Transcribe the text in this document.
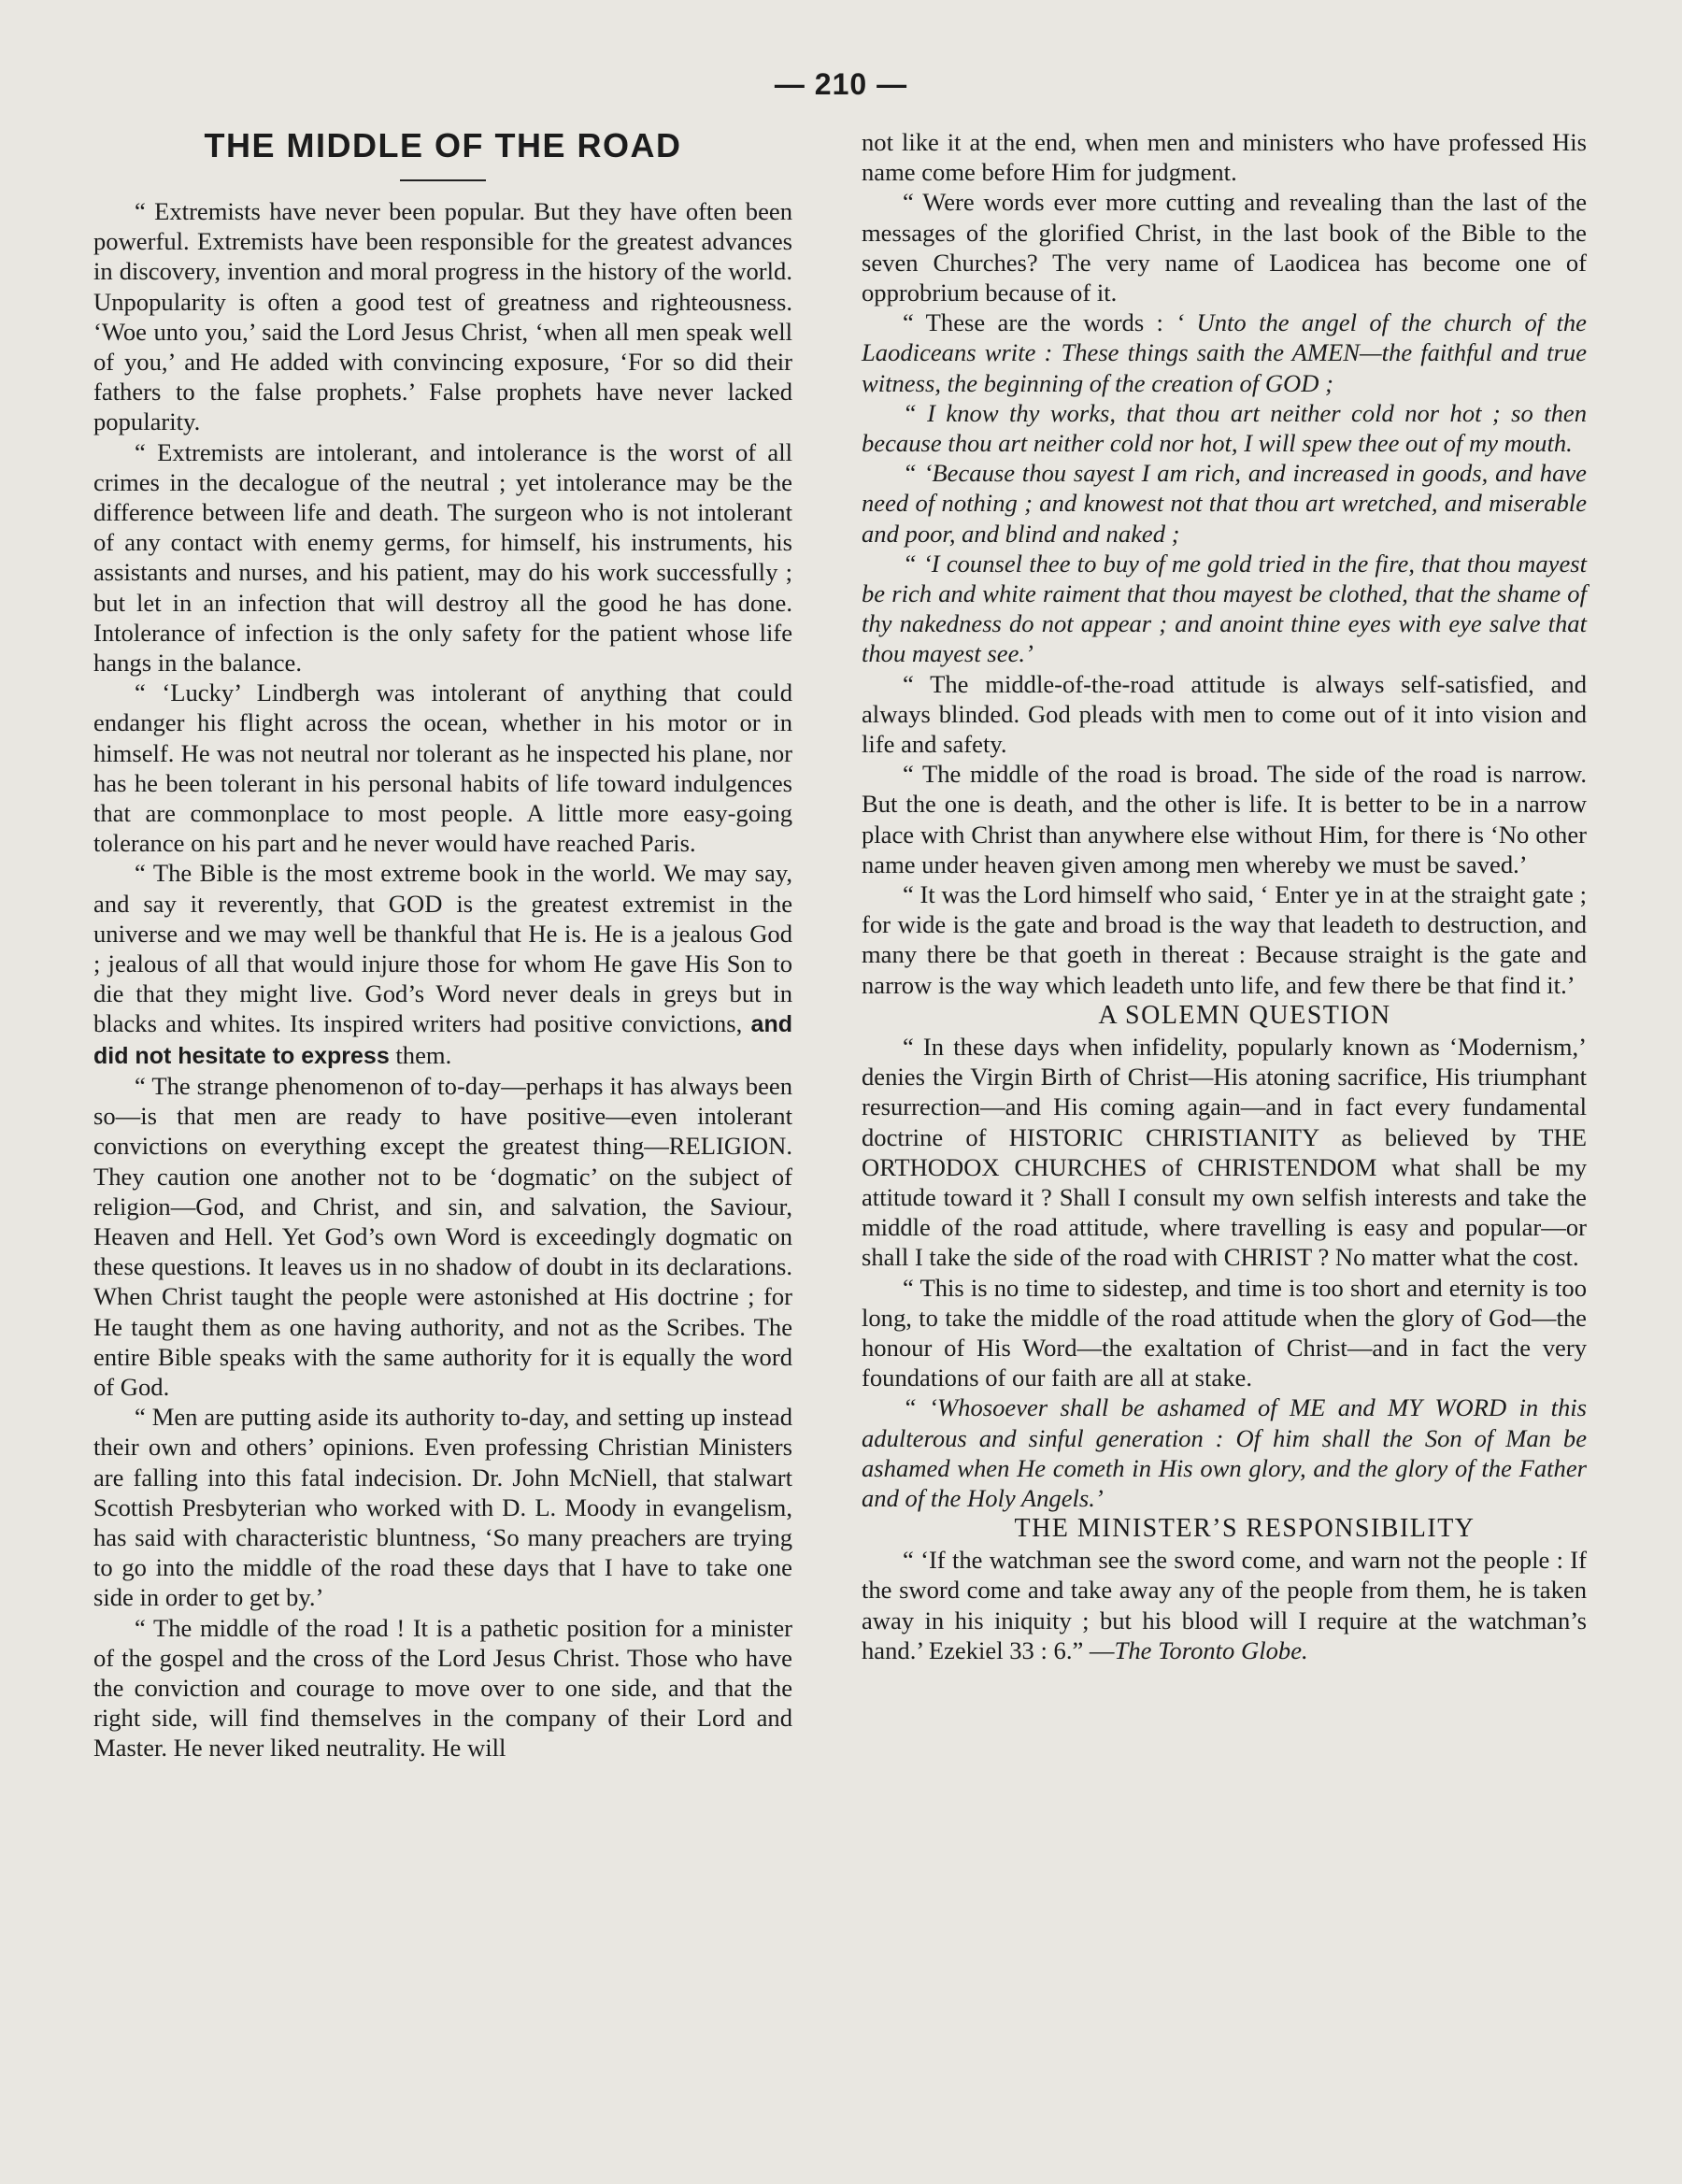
— 210 —
THE MIDDLE OF THE ROAD

“ Extremists have never been popular. But they have often been powerful. Extremists have been responsible for the greatest advances in discovery, invention and moral progress in the history of the world. Unpopularity is often a good test of greatness and righteousness. ‘Woe unto you,’ said the Lord Jesus Christ, ‘when all men speak well of you,’ and He added with convincing exposure, ‘For so did their fathers to the false prophets.’ False prophets have never lacked popularity.

“ Extremists are intolerant, and intolerance is the worst of all crimes in the decalogue of the neutral ; yet intolerance may be the difference between life and death. The surgeon who is not intolerant of any contact with enemy germs, for himself, his instruments, his assistants and nurses, and his patient, may do his work successfully ; but let in an infection that will destroy all the good he has done. Intolerance of infection is the only safety for the patient whose life hangs in the balance.

“ ‘Lucky’ Lindbergh was intolerant of anything that could endanger his flight across the ocean, whether in his motor or in himself. He was not neutral nor tolerant as he inspected his plane, nor has he been tolerant in his personal habits of life toward indulgences that are commonplace to most people. A little more easy-going tolerance on his part and he never would have reached Paris.

“ The Bible is the most extreme book in the world. We may say, and say it reverently, that GOD is the greatest extremist in the universe and we may well be thankful that He is. He is a jealous God ; jealous of all that would injure those for whom He gave His Son to die that they might live. God’s Word never deals in greys but in blacks and whites. Its inspired writers had positive convictions, and did not hesitate to express them.

“ The strange phenomenon of to-day—perhaps it has always been so—is that men are ready to have positive—even intolerant convictions on everything except the greatest thing—RELIGION. They caution one another not to be ‘dogmatic’ on the subject of religion—God, and Christ, and sin, and salvation, the Saviour, Heaven and Hell. Yet God’s own Word is exceedingly dogmatic on these questions. It leaves us in no shadow of doubt in its declarations. When Christ taught the people were astonished at His doctrine ; for He taught them as one having authority, and not as the Scribes. The entire Bible speaks with the same authority for it is equally the word of God.

“ Men are putting aside its authority to-day, and setting up instead their own and others’ opinions. Even professing Christian Ministers are falling into this fatal indecision. Dr. John McNiell, that stalwart Scottish Presbyterian who worked with D. L. Moody in evangelism, has said with characteristic bluntness, ‘So many preachers are trying to go into the middle of the road these days that I have to take one side in order to get by.’

“ The middle of the road ! It is a pathetic position for a minister of the gospel and the cross of the Lord Jesus Christ. Those who have the conviction and courage to move over to one side, and that the right side, will find themselves in the company of their Lord and Master. He never liked neutrality. He will

not like it at the end, when men and ministers who have professed His name come before Him for judgment.

“ Were words ever more cutting and revealing than the last of the messages of the glorified Christ, in the last book of the Bible to the seven Churches? The very name of Laodicea has become one of opprobrium because of it.

“ These are the words : ‘ Unto the angel of the church of the Laodiceans write : These things saith the AMEN—the faithful and true witness, the beginning of the creation of GOD ;

“ I know thy works, that thou art neither cold nor hot ; so then because thou art neither cold nor hot, I will spew thee out of my mouth.

“ ‘Because thou sayest I am rich, and increased in goods, and have need of nothing ; and knowest not that thou art wretched, and miserable and poor, and blind and naked ;

“ ‘I counsel thee to buy of me gold tried in the fire, that thou mayest be rich and white raiment that thou mayest be clothed, that the shame of thy nakedness do not appear ; and anoint thine eyes with eye salve that thou mayest see.’

“ The middle-of-the-road attitude is always self-satisfied, and always blinded. God pleads with men to come out of it into vision and life and safety.

“ The middle of the road is broad. The side of the road is narrow. But the one is death, and the other is life. It is better to be in a narrow place with Christ than anywhere else without Him, for there is ‘No other name under heaven given among men whereby we must be saved.’

“ It was the Lord himself who said, ‘ Enter ye in at the straight gate ; for wide is the gate and broad is the way that leadeth to destruction, and many there be that goeth in thereat : Because straight is the gate and narrow is the way which leadeth unto life, and few there be that find it.’

A SOLEMN QUESTION

“ In these days when infidelity, popularly known as ‘Modernism,’ denies the Virgin Birth of Christ—His atoning sacrifice, His triumphant resurrection—and His coming again—and in fact every fundamental doctrine of HISTORIC CHRISTIANITY as believed by THE ORTHODOX CHURCHES of CHRISTENDOM what shall be my attitude toward it ? Shall I consult my own selfish interests and take the middle of the road attitude, where travelling is easy and popular—or shall I take the side of the road with CHRIST ? No matter what the cost.

“ This is no time to sidestep, and time is too short and eternity is too long, to take the middle of the road attitude when the glory of God—the honour of His Word—the exaltation of Christ—and in fact the very foundations of our faith are all at stake.

“ ‘Whosoever shall be ashamed of ME and MY WORD in this adulterous and sinful generation : Of him shall the Son of Man be ashamed when He cometh in His own glory, and the glory of the Father and of the Holy Angels.’

THE MINISTER’S RESPONSIBILITY

“ ‘If the watchman see the sword come, and warn not the people : If the sword come and take away any of the people from them, he is taken away in his iniquity ; but his blood will I require at the watchman’s hand.’ Ezekiel 33 : 6.” —The Toronto Globe.
